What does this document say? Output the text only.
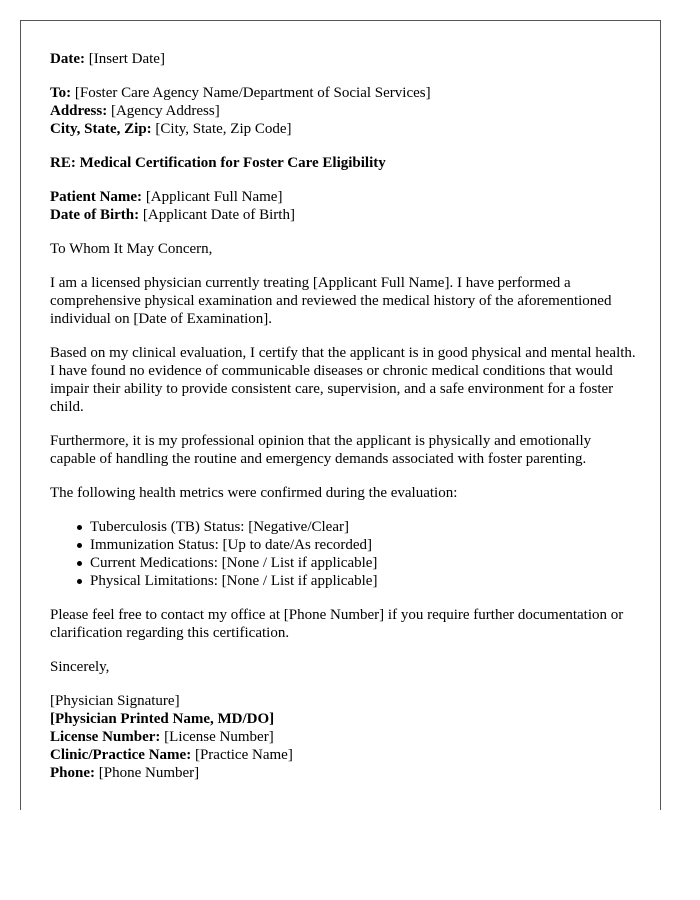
Date: [Insert Date]

To: [Foster Care Agency Name/Department of Social Services]
Address: [Agency Address]
City, State, Zip: [City, State, Zip Code]

RE: Medical Certification for Foster Care Eligibility

Patient Name: [Applicant Full Name]
Date of Birth: [Applicant Date of Birth]

To Whom It May Concern,

I am a licensed physician currently treating [Applicant Full Name]. I have performed a comprehensive physical examination and reviewed the medical history of the aforementioned individual on [Date of Examination].

Based on my clinical evaluation, I certify that the applicant is in good physical and mental health. I have found no evidence of communicable diseases or chronic medical conditions that would impair their ability to provide consistent care, supervision, and a safe environment for a foster child.

Furthermore, it is my professional opinion that the applicant is physically and emotionally capable of handling the routine and emergency demands associated with foster parenting.

The following health metrics were confirmed during the evaluation:

Tuberculosis (TB) Status: [Negative/Clear]
Immunization Status: [Up to date/As recorded]
Current Medications: [None / List if applicable]
Physical Limitations: [None / List if applicable]

Please feel free to contact my office at [Phone Number] if you require further documentation or clarification regarding this certification.

Sincerely,

[Physician Signature]
[Physician Printed Name, MD/DO]
License Number: [License Number]
Clinic/Practice Name: [Practice Name]
Phone: [Phone Number]
